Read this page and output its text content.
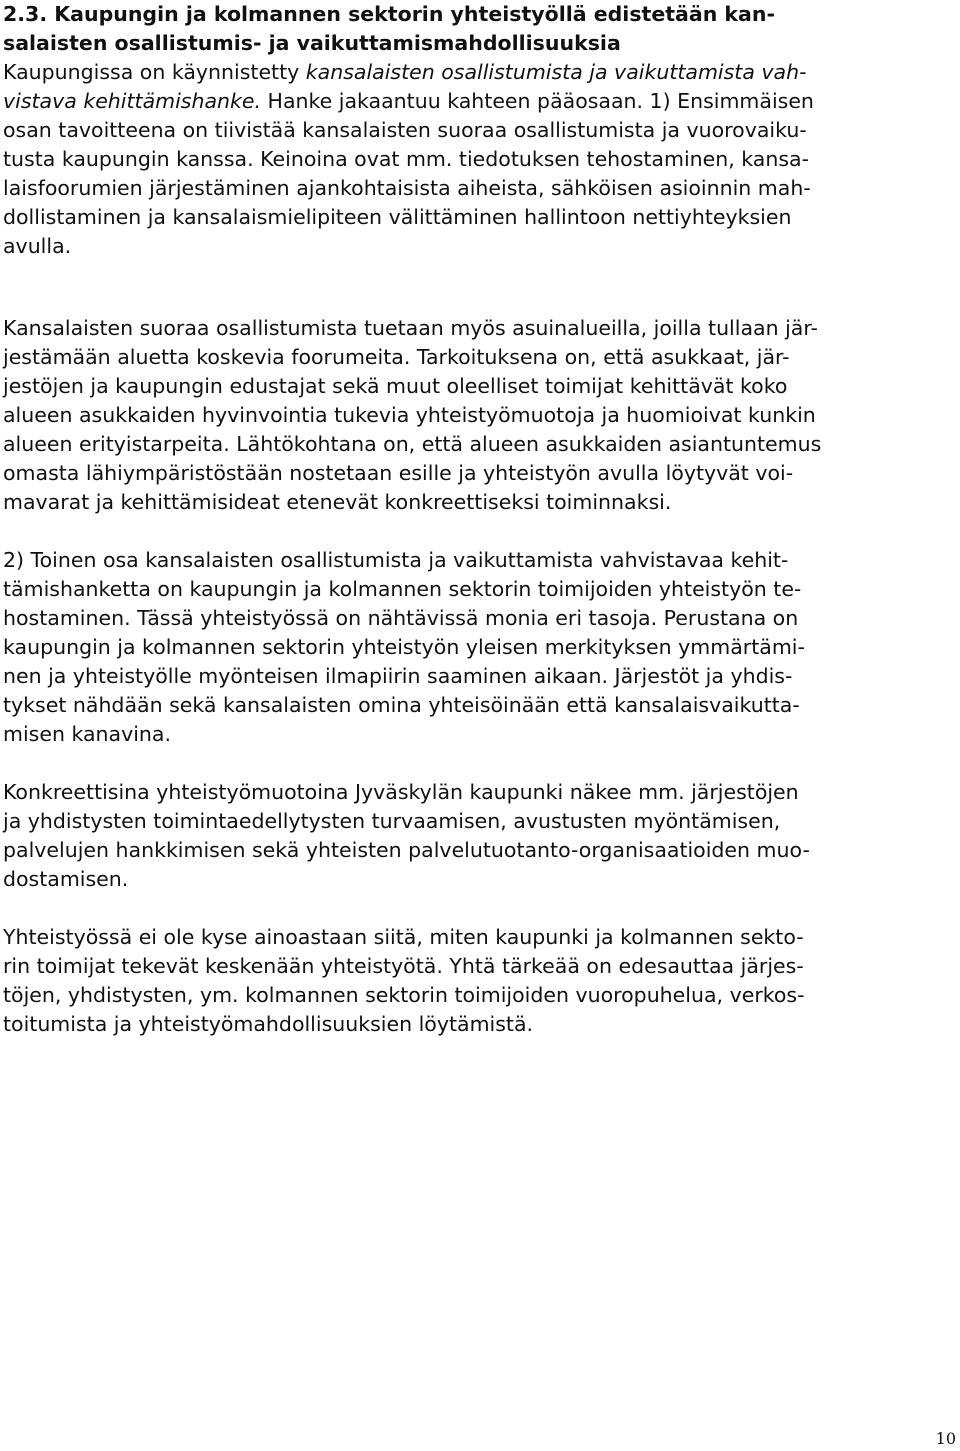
2.3. Kaupungin ja kolmannen sektorin yhteistyöllä edistetään kan-
salaisten osallistumis- ja vaikuttamismahdollisuuksia

Kaupungissa on käynnistetty kansalaisten osallistumista ja vaikuttamista vah-
vistava kehittämishanke. Hanke jakaantuu kahteen pääosaan. 1) Ensimmäisen
osan tavoitteena on tiivistää kansalaisten suoraa osallistumista ja vuorovaiku-
tusta kaupungin kanssa. Keinoina ovat mm. tiedotuksen tehostaminen, kansa-
laisfoorumien järjestäminen ajankohtaisista aiheista, sähköisen asioinnin mah-
dollistaminen ja kansalaismielipiteen välittäminen hallintoon nettiyhteyksien
avulla.

Kansalaisten suoraa osallistumista tuetaan myös asuinalueilla, joilla tullaan jär-
jestämään aluetta koskevia foorumeita. Tarkoituksena on, että asukkaat, jär-
jestöjen ja kaupungin edustajat sekä muut oleelliset toimijat kehittävät koko
alueen asukkaiden hyvinvointia tukevia yhteistyömuotoja ja huomioivat kunkin
alueen erityistarpeita. Lähtökohtana on, että alueen asukkaiden asiantuntemus
omasta lähiympäristöstään nostetaan esille ja yhteistyön avulla löytyvät voi-
mavarat ja kehittämisideat etenevät konkreettiseksi toiminnaksi.

2) Toinen osa kansalaisten osallistumista ja vaikuttamista vahvistavaa kehit-
tämishanketta on kaupungin ja kolmannen sektorin toimijoiden yhteistyön te-
hostaminen. Tässä yhteistyössä on nähtävissä monia eri tasoja. Perustana on
kaupungin ja kolmannen sektorin yhteistyön yleisen merkityksen ymmärtämi-
nen ja yhteistyölle myönteisen ilmapiirin saaminen aikaan. Järjestöt ja yhdis-
tykset nähdään sekä kansalaisten omina yhteisöinään että kansalaisvaikutta-
misen kanavina.

Konkreettisina yhteistyömuotoina Jyväskylän kaupunki näkee mm. järjestöjen
ja yhdistysten toimintaedellytysten turvaamisen, avustusten myöntämisen,
palvelujen hankkimisen sekä yhteisten palvelutuotanto-organisaatioiden muo-
dostamisen.

Yhteistyössä ei ole kyse ainoastaan siitä, miten kaupunki ja kolmannen sekto-
rin toimijat tekevät keskenään yhteistyötä. Yhtä tärkeää on edesauttaa järjes-
töjen, yhdistysten, ym. kolmannen sektorin toimijoiden vuoropuhelua, verkos-
toitumista ja yhteistyömahdollisuuksien löytämistä.

10
